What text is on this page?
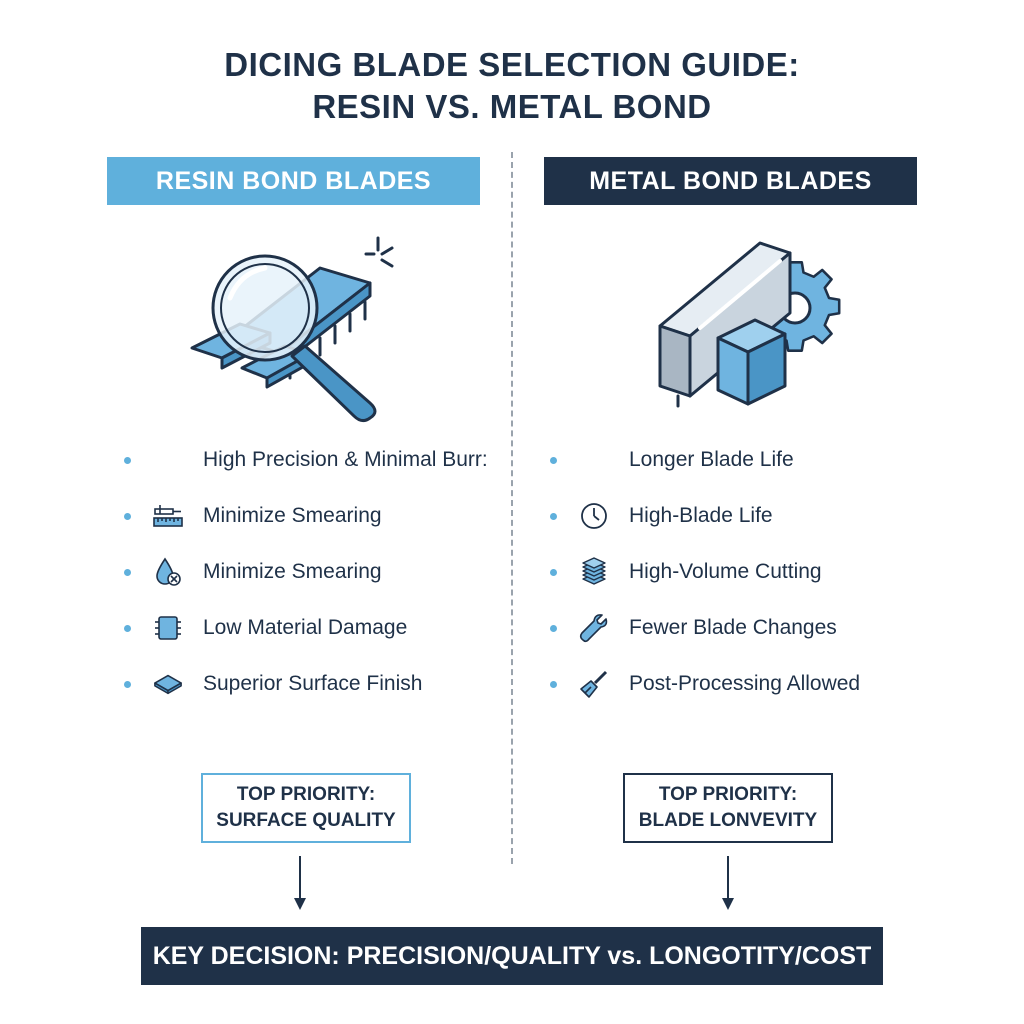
DICING BLADE SELECTION GUIDE:
RESIN VS. METAL BOND
RESIN BOND BLADES	METAL BOND BLADES
High Precision & Minimal Burr:
Minimize Smearing
Minimize Smearing
Low Material Damage
Superior Surface Finish
Longer Blade Life
High-Blade Life
High-Volume Cutting
Fewer Blade Changes
Post-Processing Allowed
TOP PRIORITY:
SURFACE QUALITY
TOP PRIORITY:
BLADE LONVEVITY
KEY DECISION: PRECISION/QUALITY vs. LONGOTITY/COST
